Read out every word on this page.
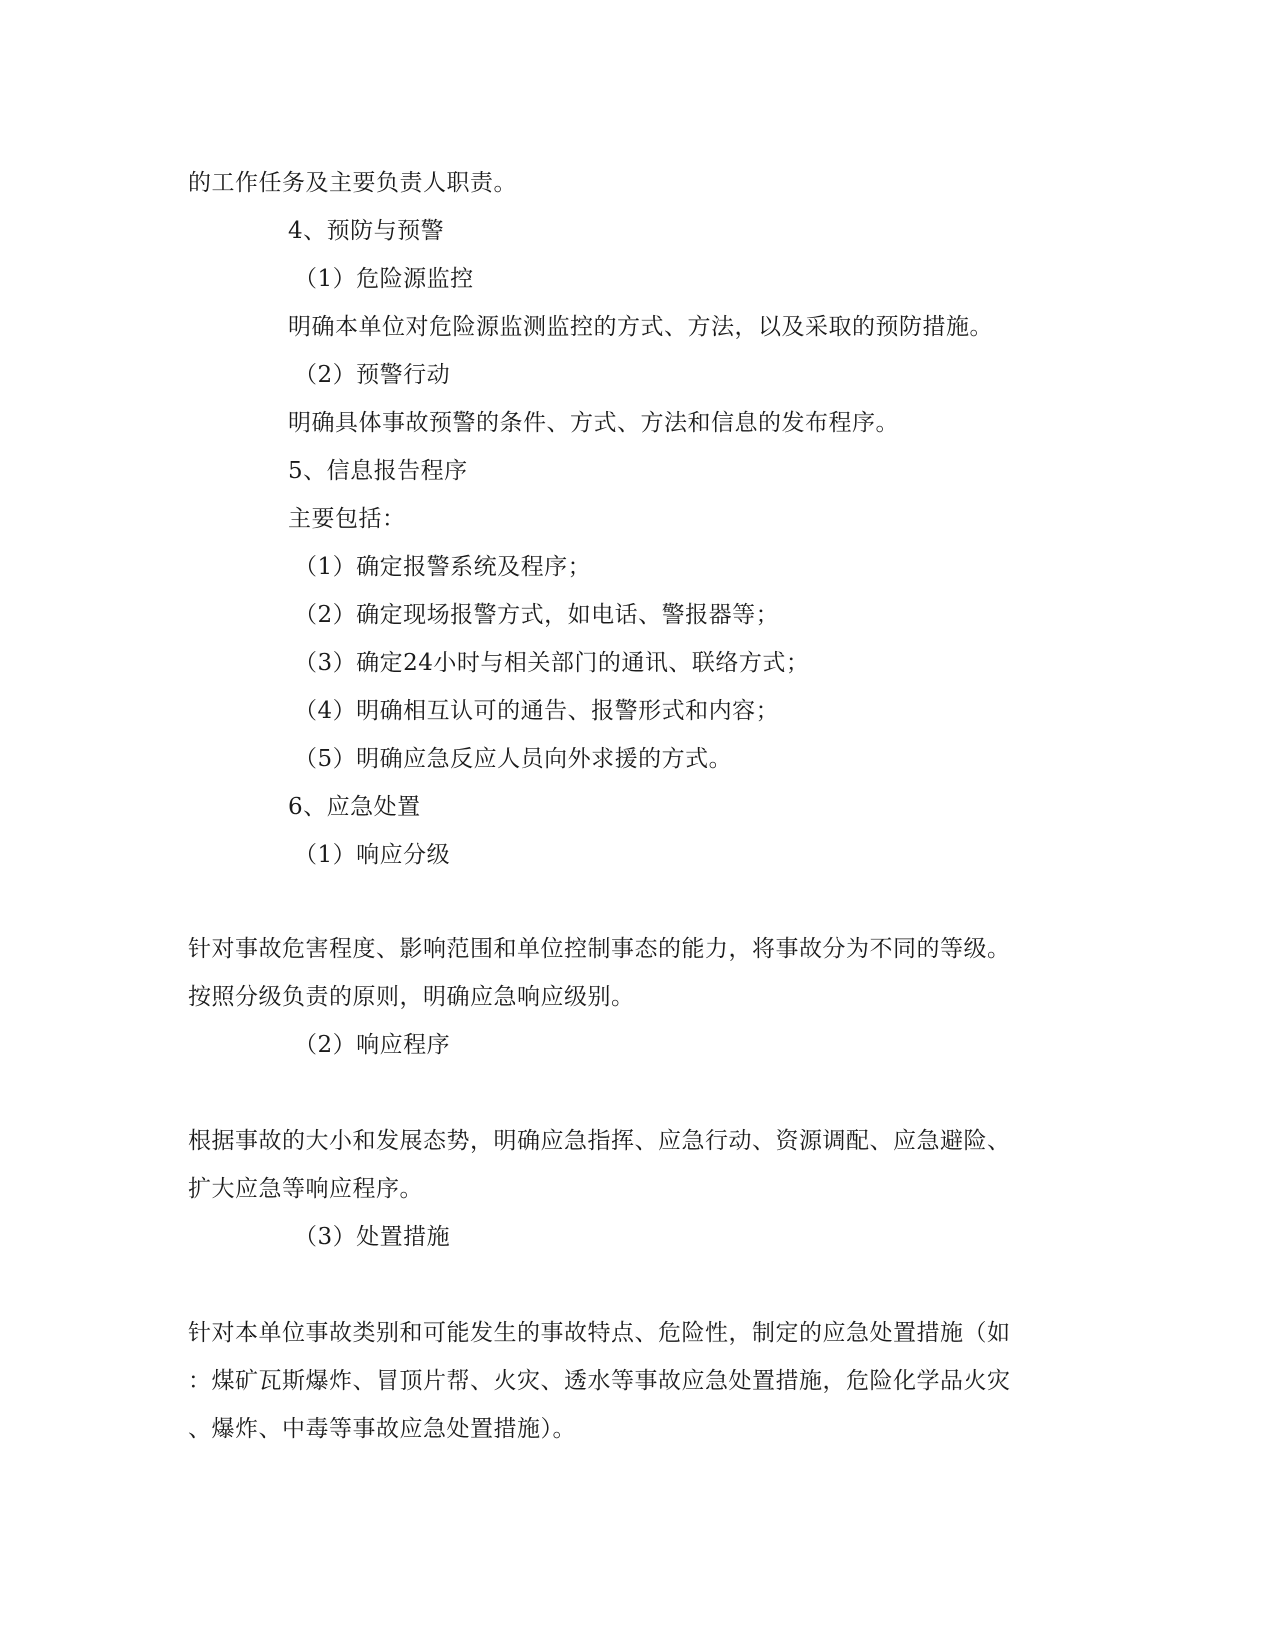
的工作任务及主要负责人职责。
4、预防与预警
（1）危险源监控
明确本单位对危险源监测监控的方式、方法，以及采取的预防措施。
（2）预警行动
明确具体事故预警的条件、方式、方法和信息的发布程序。
5、信息报告程序
主要包括：
（1）确定报警系统及程序；
（2）确定现场报警方式，如电话、警报器等；
（3）确定24小时与相关部门的通讯、联络方式；
（4）明确相互认可的通告、报警形式和内容；
（5）明确应急反应人员向外求援的方式。
6、应急处置
（1）响应分级
针对事故危害程度、影响范围和单位控制事态的能力，将事故分为不同的等级。
按照分级负责的原则，明确应急响应级别。
（2）响应程序
根据事故的大小和发展态势，明确应急指挥、应急行动、资源调配、应急避险、
扩大应急等响应程序。
（3）处置措施
针对本单位事故类别和可能发生的事故特点、危险性，制定的应急处置措施（如
：煤矿瓦斯爆炸、冒顶片帮、火灾、透水等事故应急处置措施，危险化学品火灾
、爆炸、中毒等事故应急处置措施）。
